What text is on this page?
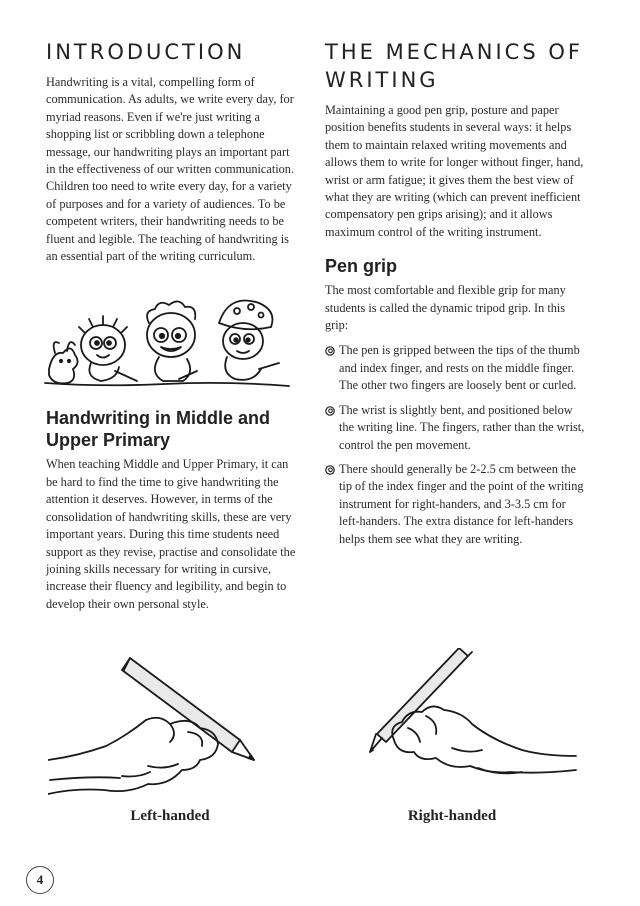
INTRODUCTION

Handwriting is a vital, compelling form of communication. As adults, we write every day, for myriad reasons. Even if we're just writing a shopping list or scribbling down a telephone message, our handwriting plays an important part in the effectiveness of our written communication. Children too need to write every day, for a variety of purposes and for a variety of audiences. To be competent writers, their handwriting needs to be fluent and legible. The teaching of handwriting is an essential part of the writing curriculum.

Handwriting in Middle and Upper Primary

When teaching Middle and Upper Primary, it can be hard to find the time to give handwriting the attention it deserves. However, in terms of the consolidation of handwriting skills, these are very important years. During this time students need support as they revise, practise and consolidate the joining skills necessary for writing in cursive, increase their fluency and legibility, and begin to develop their own personal style.

THE MECHANICS OF WRITING

Maintaining a good pen grip, posture and paper position benefits students in several ways: it helps them to maintain relaxed writing movements and allows them to write for longer without finger, hand, wrist or arm fatigue; it gives them the best view of what they are writing (which can prevent inefficient compensatory pen grips arising); and it allows maximum control of the writing instrument.

Pen grip

The most comfortable and flexible grip for many students is called the dynamic tripod grip. In this grip:

The pen is gripped between the tips of the thumb and index finger, and rests on the middle finger. The other two fingers are loosely bent or curled.
The wrist is slightly bent, and positioned below the writing line. The fingers, rather than the wrist, control the pen movement.
There should generally be 2-2.5 cm between the tip of the index finger and the point of the writing instrument for right-handers, and 3-3.5 cm for left-handers. The extra distance for left-handers helps them see what they are writing.
Left-handed	Right-handed
4
